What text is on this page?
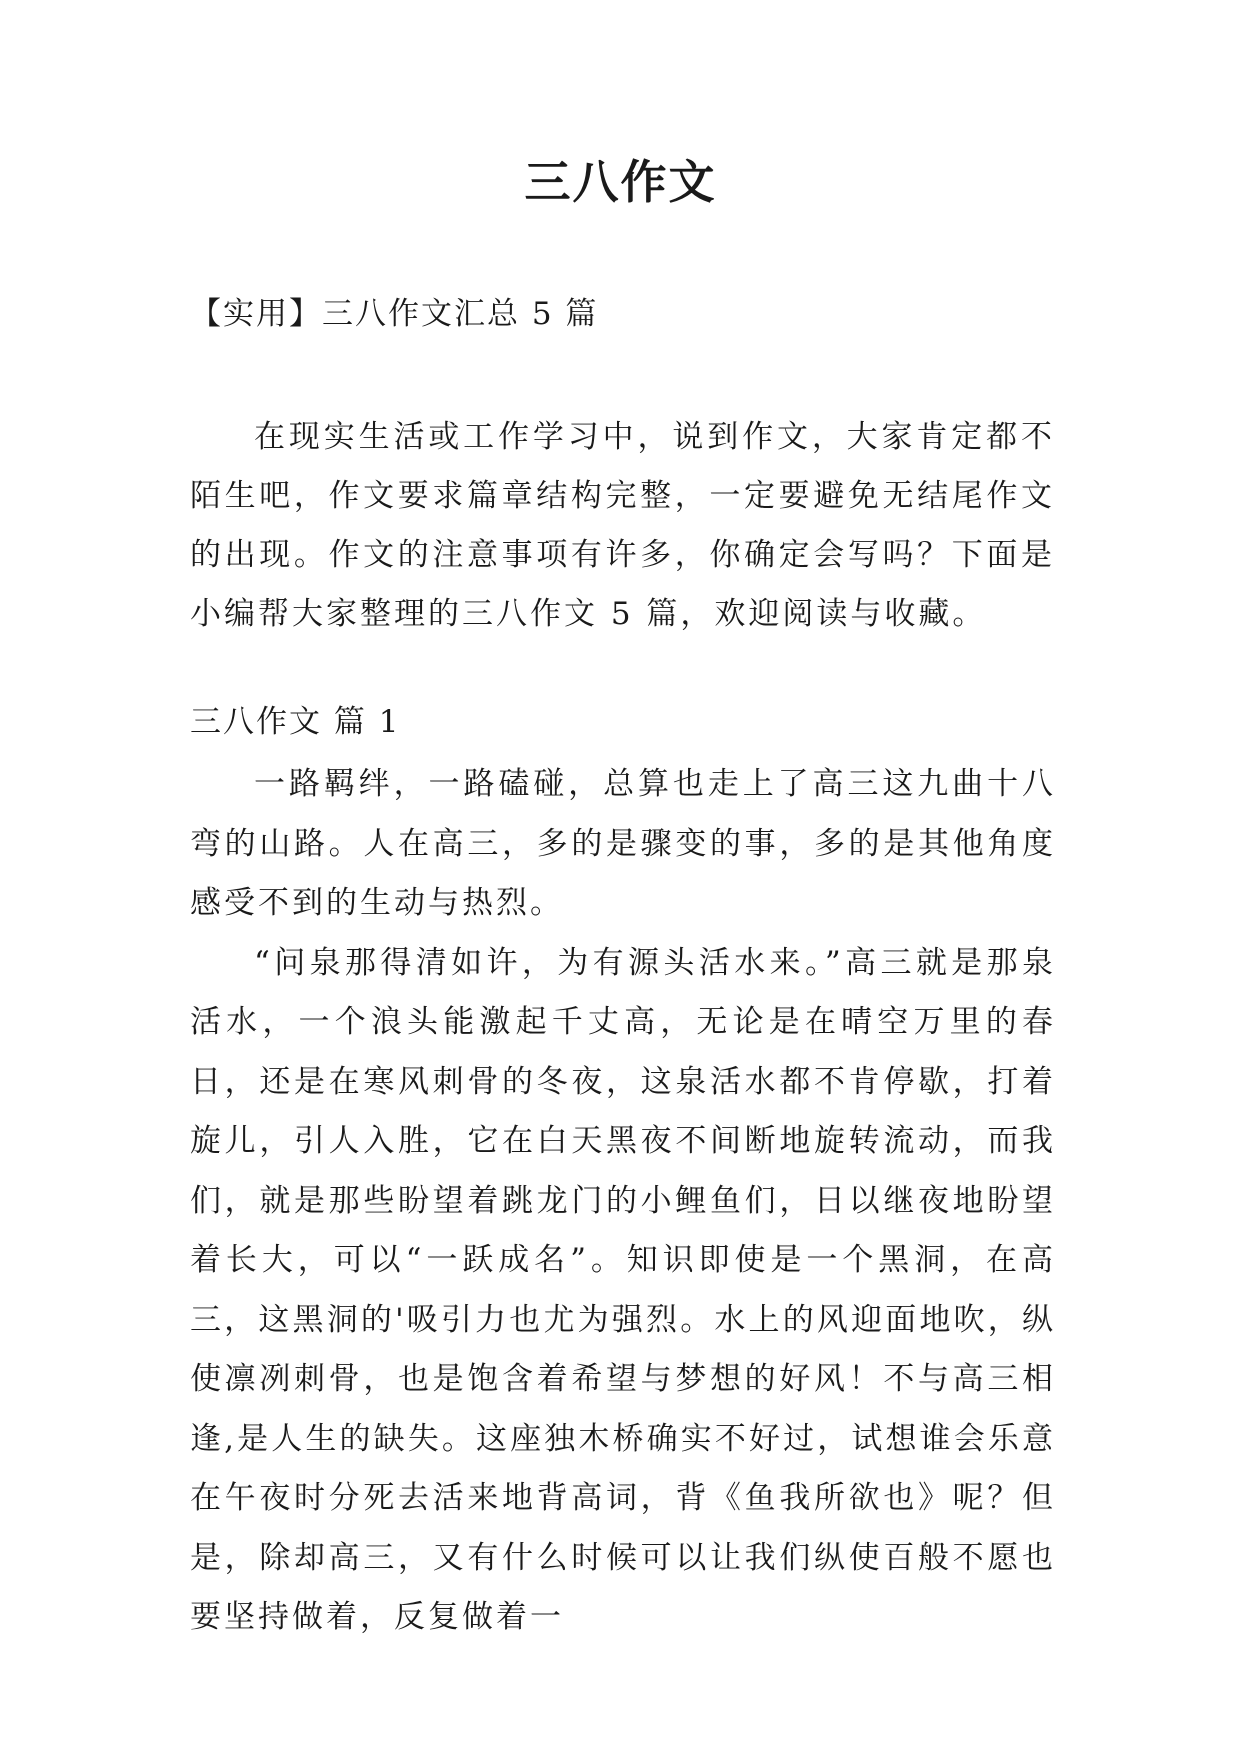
三八作文

【实用】三八作文汇总 5 篇

在现实生活或工作学习中，说到作文，大家肯定都不陌生吧，作文要求篇章结构完整，一定要避免无结尾作文的出现。作文的注意事项有许多，你确定会写吗？下面是小编帮大家整理的三八作文 5 篇，欢迎阅读与收藏。

三八作文 篇 1

一路羁绊，一路磕碰，总算也走上了高三这九曲十八弯的山路。人在高三，多的是骤变的事，多的是其他角度感受不到的生动与热烈。

“问泉那得清如许，为有源头活水来。”高三就是那泉活水，一个浪头能激起千丈高，无论是在晴空万里的春日，还是在寒风刺骨的冬夜，这泉活水都不肯停歇，打着旋儿，引人入胜，它在白天黑夜不间断地旋转流动，而我们，就是那些盼望着跳龙门的小鲤鱼们，日以继夜地盼望着长大，可以“一跃成名”。知识即使是一个黑洞，在高三，这黑洞的'吸引力也尤为强烈。水上的风迎面地吹，纵使凛冽刺骨，也是饱含着希望与梦想的好风！不与高三相逢,是人生的缺失。这座独木桥确实不好过，试想谁会乐意在午夜时分死去活来地背高词，背《鱼我所欲也》呢？但是，除却高三，又有什么时候可以让我们纵使百般不愿也要坚持做着，反复做着一
